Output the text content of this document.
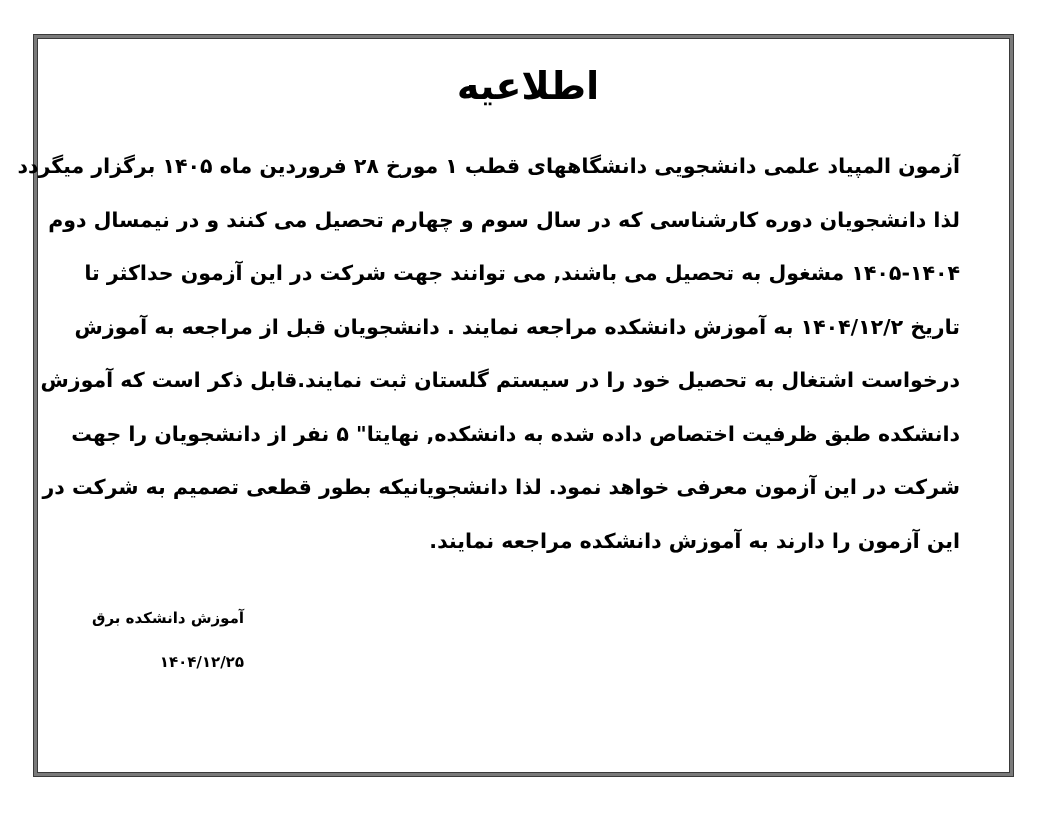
اطلاعیه
آزمون المپیاد علمی دانشجویی دانشگاههای قطب ۱ مورخ ۲۸ فروردین ماه ۱۴۰۵ برگزار میگردد
لذا دانشجویان دوره کارشناسی که در سال سوم و چهارم تحصیل می کنند و در نیمسال دوم
۱۴۰۵-۱۴۰۴ مشغول به تحصیل می باشند, می توانند جهت شرکت در این آزمون حداکثر تا
تاریخ ۱۴۰۴/۱۲/۲ به آموزش دانشکده مراجعه نمایند . دانشجویان قبل از مراجعه به آموزش
درخواست اشتغال به تحصیل خود را در سیستم گلستان ثبت نمایند.قابل ذکر است که آموزش
دانشکده طبق ظرفیت اختصاص داده شده به دانشکده, نهایتا" ۵ نفر از دانشجویان را جهت
شرکت در این آزمون معرفی خواهد نمود. لذا دانشجویانیکه بطور قطعی تصمیم به شرکت در
این آزمون را دارند به آموزش دانشکده مراجعه نمایند.

آموزش دانشکده برق

۱۴۰۴/۱۲/۲۵
